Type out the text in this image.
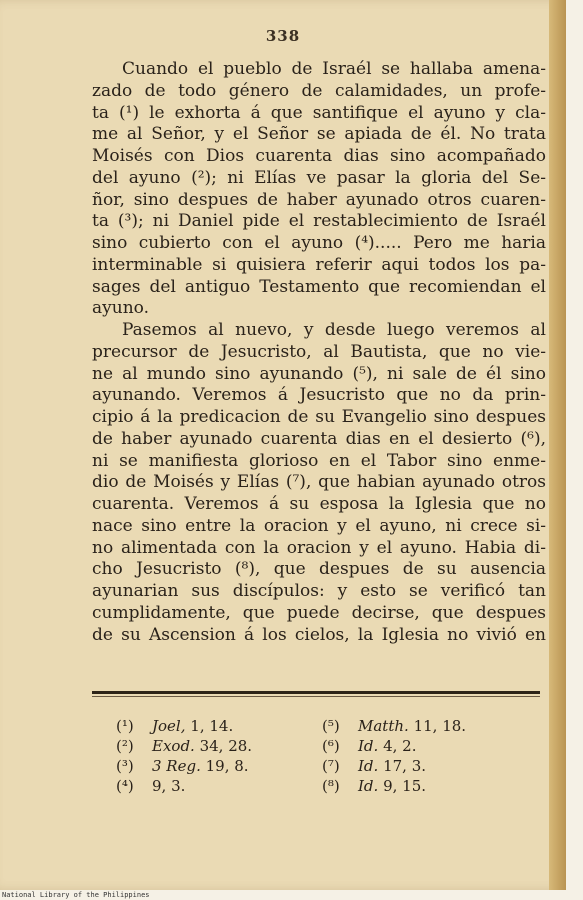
338
Cuando el pueblo de Israél se hallaba amena-
zado de todo género de calamidades, un profe-
ta (¹) le exhorta á que santifique el ayuno y cla-
me al Señor, y el Señor se apiada de él. No trata
Moisés con Dios cuarenta dias sino acompañado
del ayuno (²); ni Elías ve pasar la gloria del Se-
ñor, sino despues de haber ayunado otros cuaren-
ta (³); ni Daniel pide el restablecimiento de Israél
sino cubierto con el ayuno (⁴)..... Pero me haria
interminable si quisiera referir aqui todos los pa-
sages del antiguo Testamento que recomiendan el
ayuno.
Pasemos al nuevo, y desde luego veremos al
precursor de Jesucristo, al Bautista, que no vie-
ne al mundo sino ayunando (⁵), ni sale de él sino
ayunando. Veremos á Jesucristo que no da prin-
cipio á la predicacion de su Evangelio sino despues
de haber ayunado cuarenta dias en el desierto (⁶),
ni se manifiesta glorioso en el Tabor sino enme-
dio de Moisés y Elías (⁷), que habian ayunado otros
cuarenta. Veremos á su esposa la Iglesia que no
nace sino entre la oracion y el ayuno, ni crece si-
no alimentada con la oracion y el ayuno. Habia di-
cho Jesucristo (⁸), que despues de su ausencia
ayunarian sus discípulos: y esto se verificó tan
cumplidamente, que puede decirse, que despues
de su Ascension á los cielos, la Iglesia no vivió en
(¹) Joel, 1, 14.
(²) Exod. 34, 28.
(³) 3 Reg. 19, 8.
(⁴) 9, 3.
(⁵) Matth. 11, 18.
(⁶) Id. 4, 2.
(⁷) Id. 17, 3.
(⁸) Id. 9, 15.
National Library of the Philippines
